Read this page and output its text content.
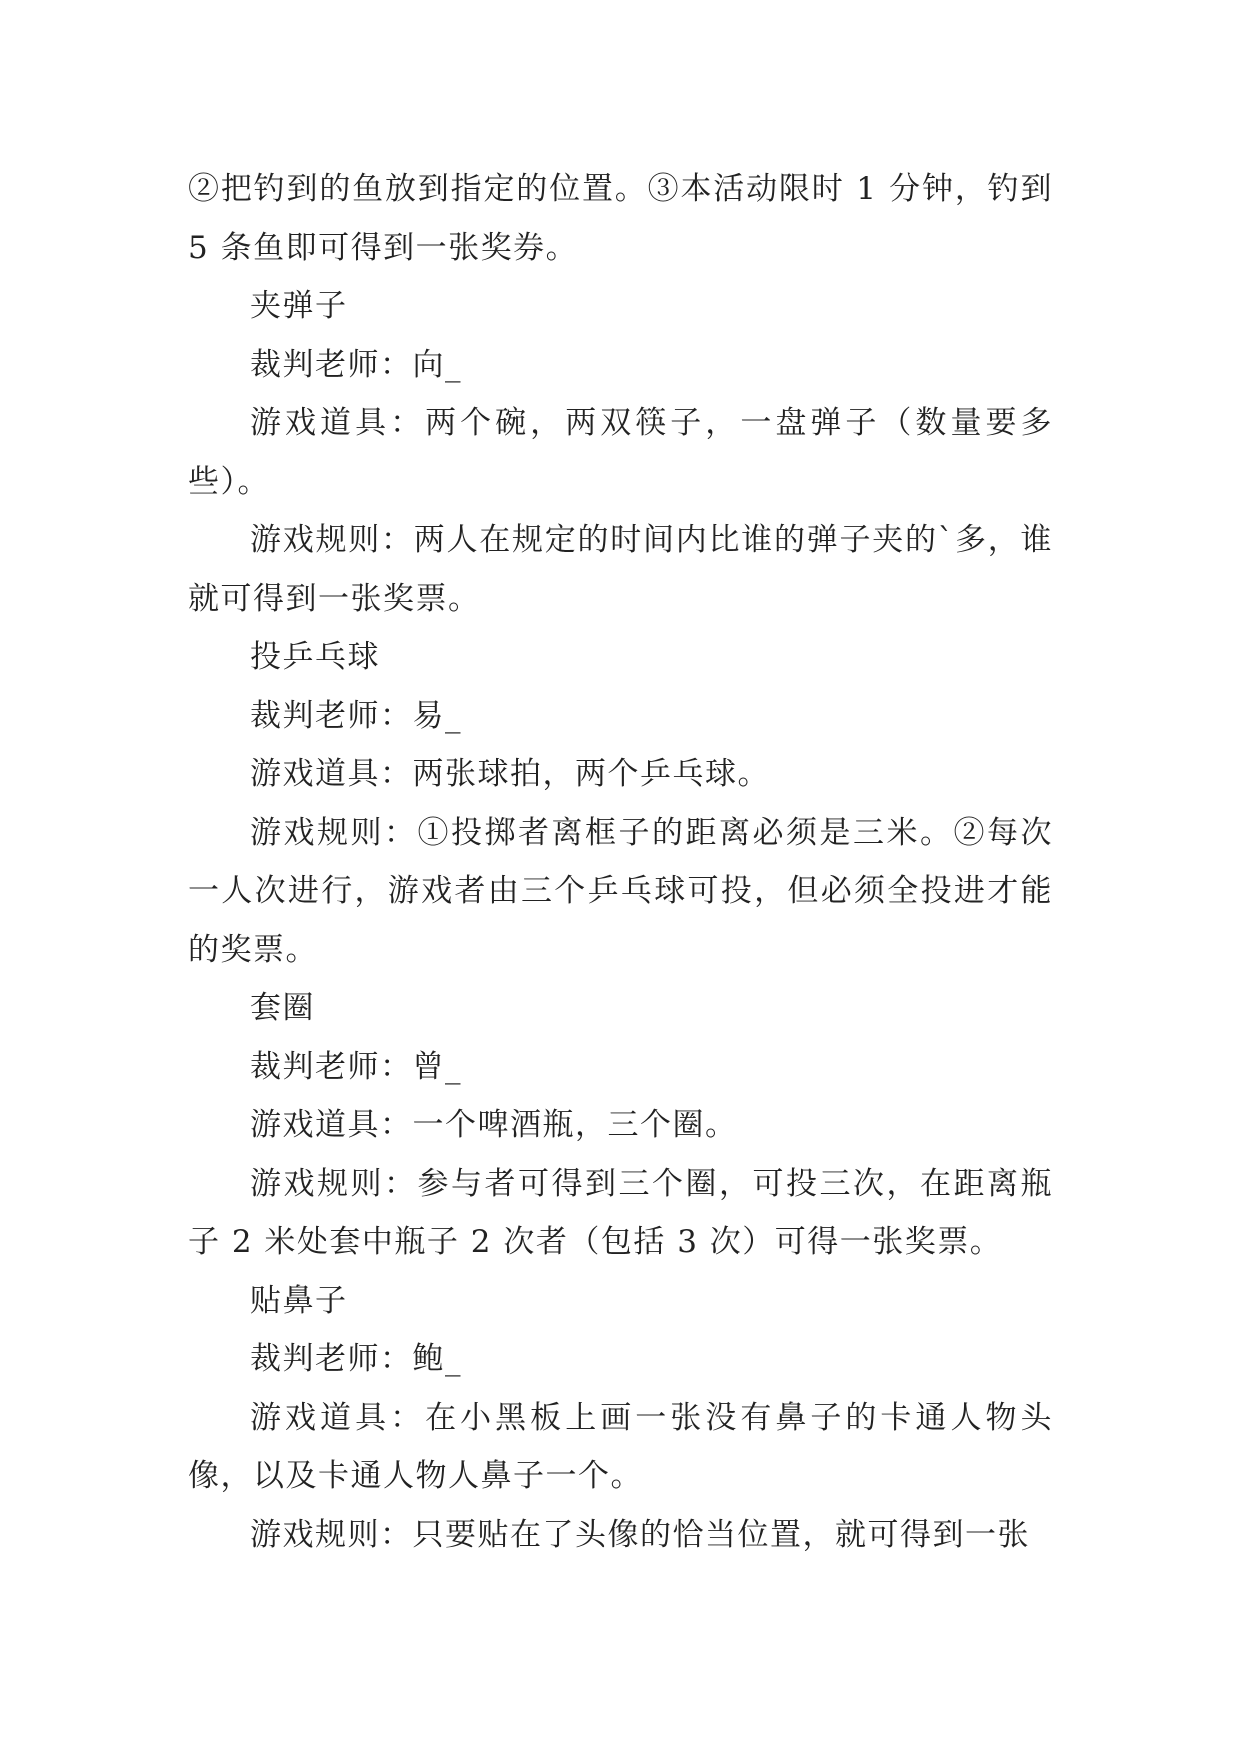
②把钓到的鱼放到指定的位置。③本活动限时 1 分钟，钓到 5 条鱼即可得到一张奖券。

夹弹子

裁判老师：向_

游戏道具：两个碗，两双筷子，一盘弹子（数量要多些）。

游戏规则：两人在规定的时间内比谁的弹子夹的`多，谁就可得到一张奖票。

投乒乓球

裁判老师：易_

游戏道具：两张球拍，两个乒乓球。

游戏规则：①投掷者离框子的距离必须是三米。②每次一人次进行，游戏者由三个乒乓球可投，但必须全投进才能的奖票。

套圈

裁判老师：曾_

游戏道具：一个啤酒瓶，三个圈。

游戏规则：参与者可得到三个圈，可投三次，在距离瓶子 2 米处套中瓶子 2 次者（包括 3 次）可得一张奖票。

贴鼻子

裁判老师：鲍_

游戏道具：在小黑板上画一张没有鼻子的卡通人物头像，以及卡通人物人鼻子一个。

游戏规则：只要贴在了头像的恰当位置，就可得到一张
